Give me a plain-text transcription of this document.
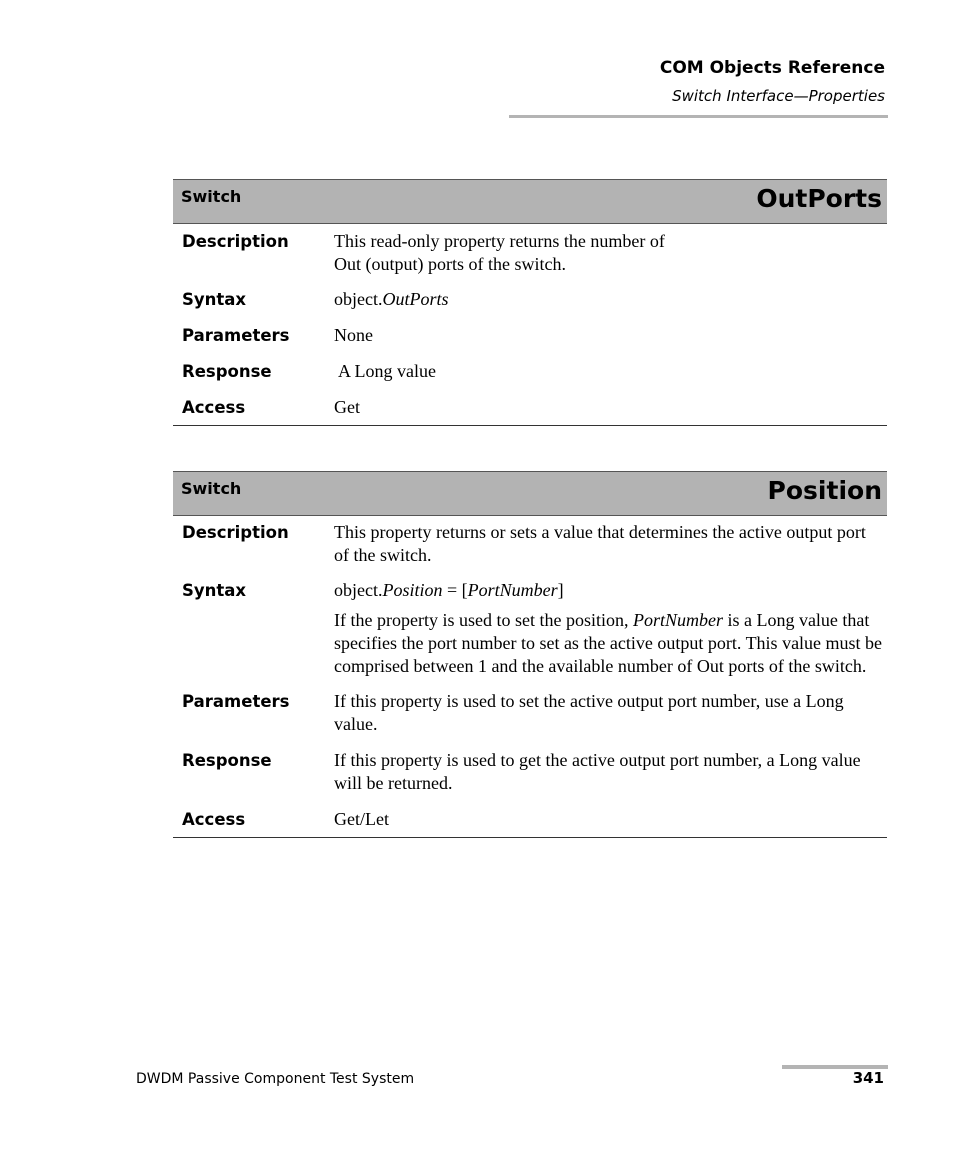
COM Objects Reference
Switch Interface—Properties
Switch	OutPorts
Description	This read-only property returns the number of
Out (output) ports of the switch.
Syntax	object.OutPorts
Parameters	None
Response	A Long value
Access	Get
Switch	Position
Description	This property returns or sets a value that determines the active output port of the switch.
Syntax	object.Position = [PortNumber]

If the property is used to set the position, PortNumber is a Long value that specifies the port number to set as the active output port. This value must be comprised between 1 and the available number of Out ports of the switch.

Parameters	If this property is used to set the active output port number, use a Long value.
Response	If this property is used to get the active output port number, a Long value will be returned.
Access	Get/Let
DWDM Passive Component Test System	341
